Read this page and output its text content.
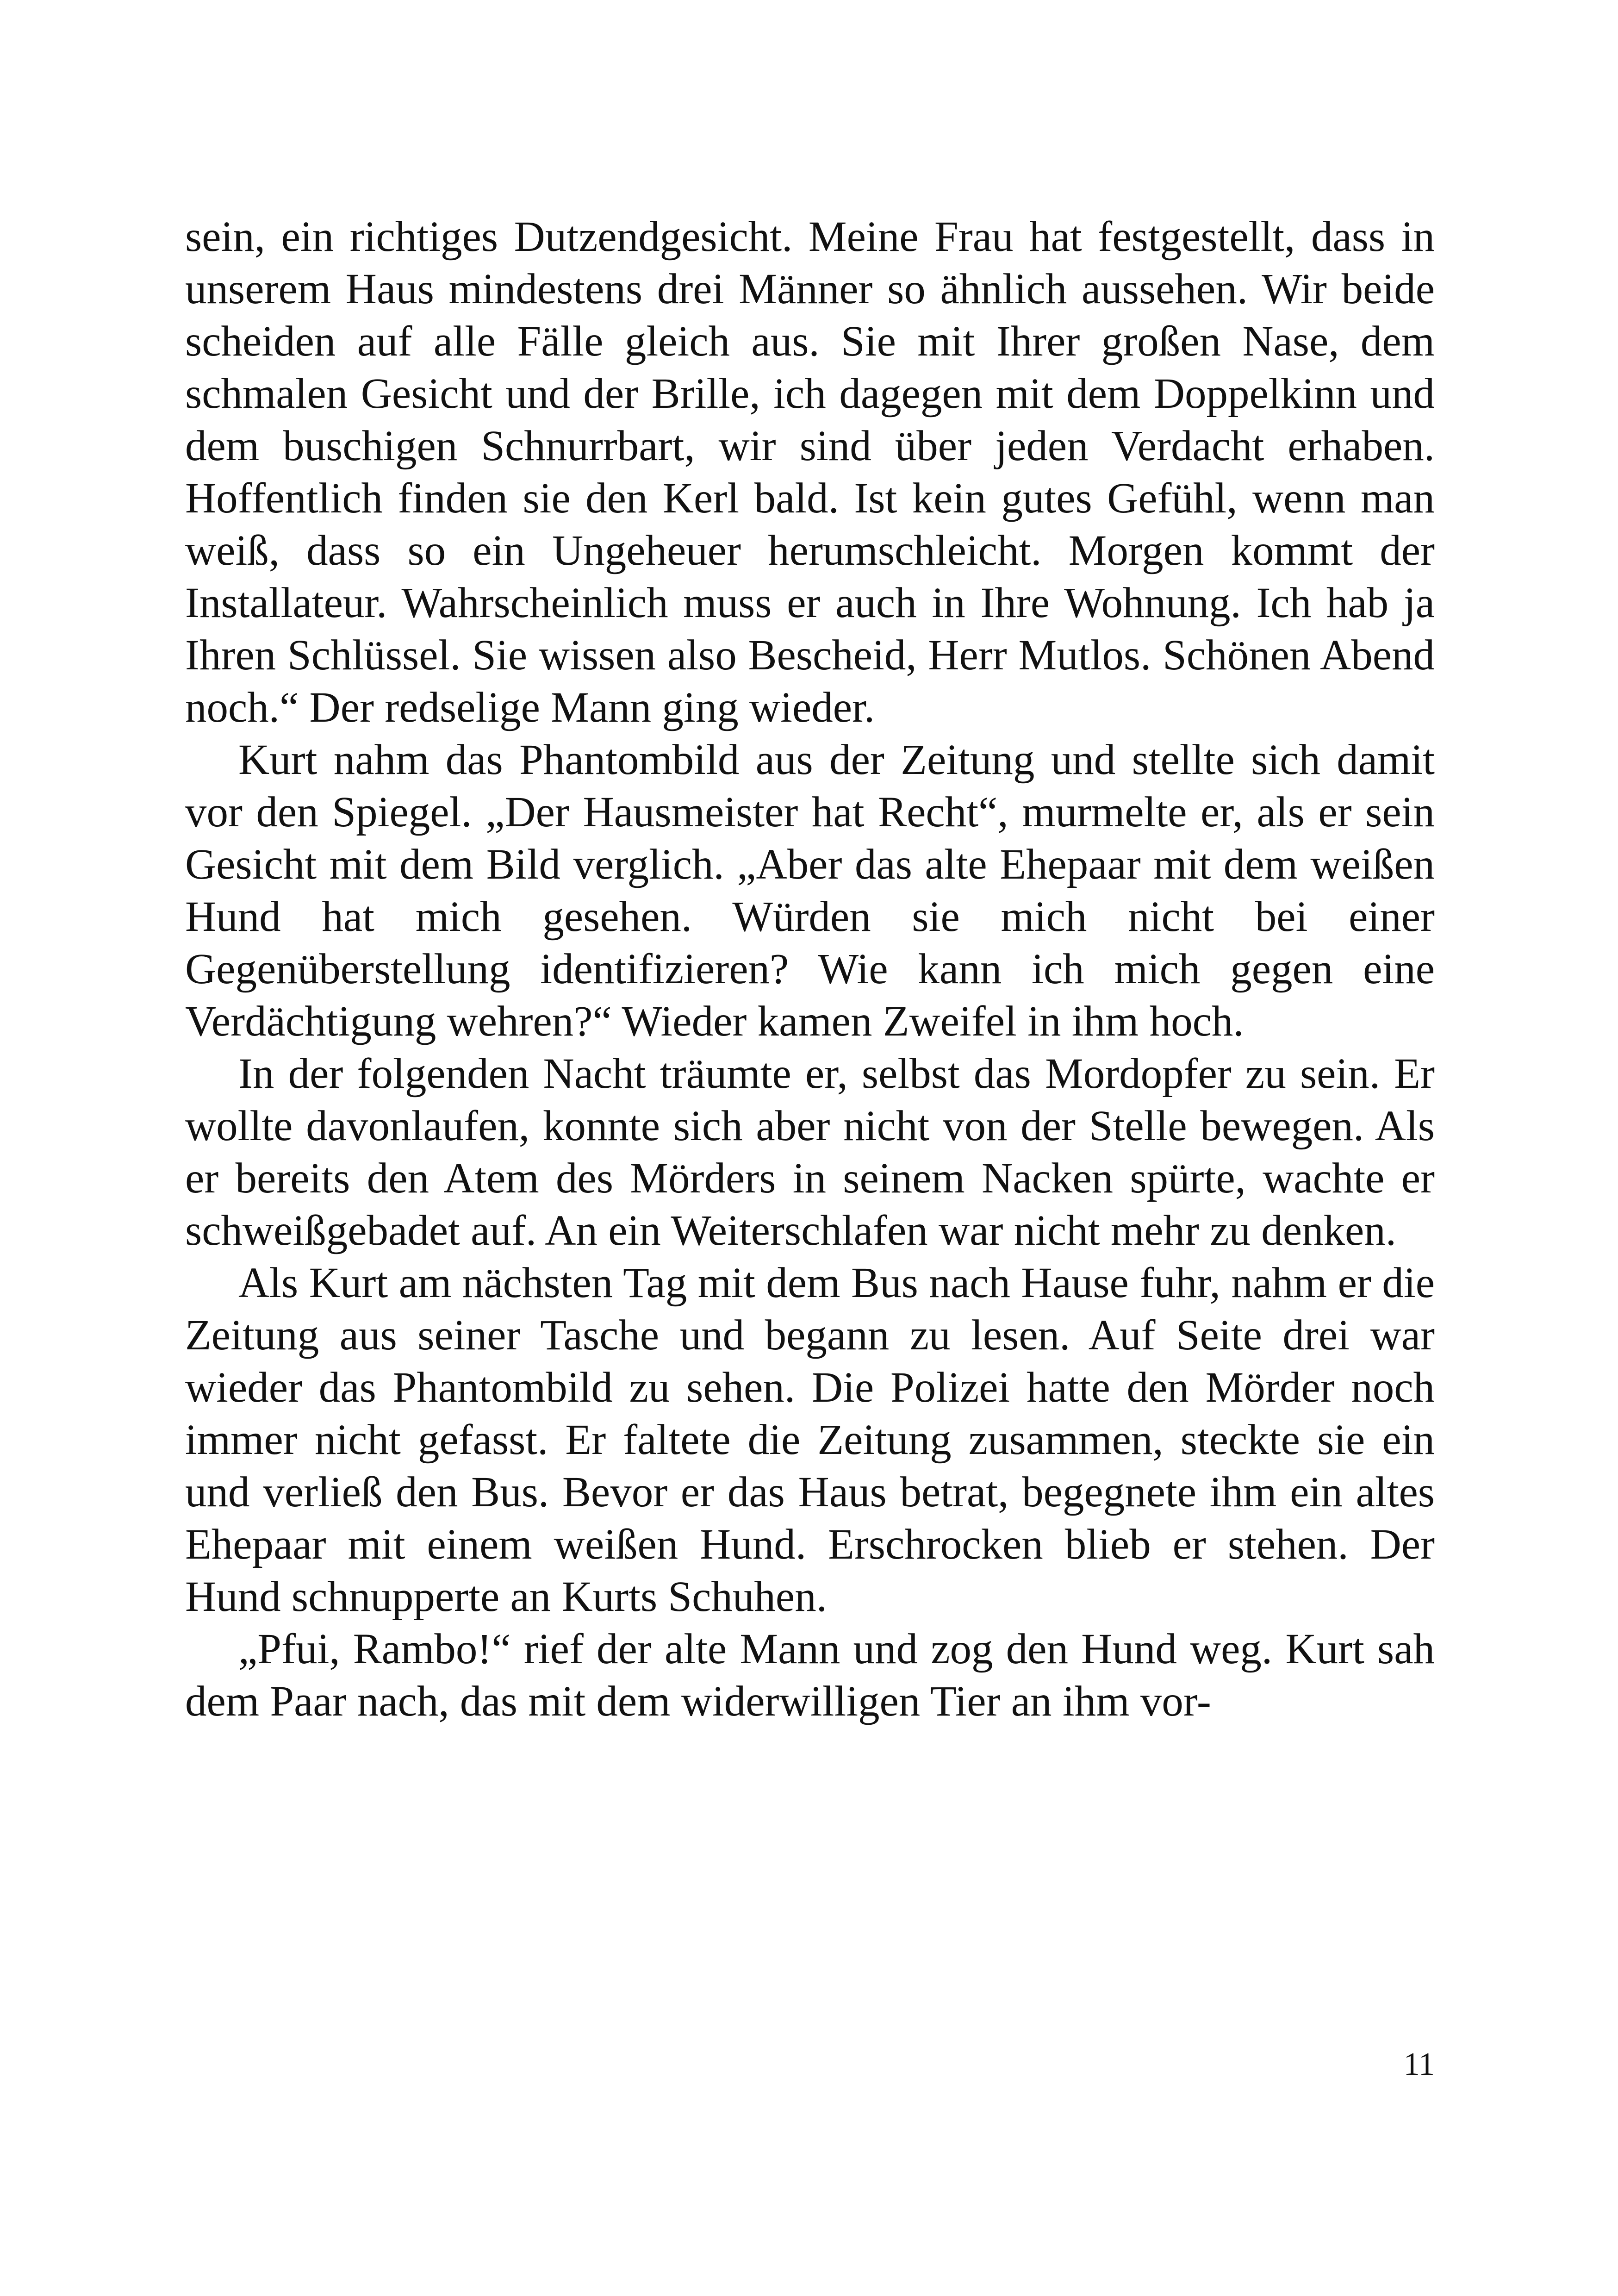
sein, ein richtiges Dutzendgesicht. Meine Frau hat festgestellt, dass in unserem Haus mindestens drei Männer so ähnlich aussehen. Wir beide scheiden auf alle Fälle gleich aus. Sie mit Ihrer großen Nase, dem schmalen Gesicht und der Brille, ich dagegen mit dem Doppelkinn und dem buschigen Schnurrbart, wir sind über jeden Verdacht erhaben. Hoffentlich finden sie den Kerl bald. Ist kein gutes Gefühl, wenn man weiß, dass so ein Ungeheuer herumschleicht. Morgen kommt der Installateur. Wahrscheinlich muss er auch in Ihre Wohnung. Ich hab ja Ihren Schlüssel. Sie wissen also Bescheid, Herr Mutlos. Schönen Abend noch.“ Der redselige Mann ging wieder.

Kurt nahm das Phantombild aus der Zeitung und stellte sich damit vor den Spiegel. „Der Hausmeister hat Recht“, murmelte er, als er sein Gesicht mit dem Bild verglich. „Aber das alte Ehepaar mit dem weißen Hund hat mich gesehen. Würden sie mich nicht bei einer Gegenüberstellung identifizieren? Wie kann ich mich gegen eine Verdächtigung wehren?“ Wieder kamen Zweifel in ihm hoch.

In der folgenden Nacht träumte er, selbst das Mordopfer zu sein. Er wollte davonlaufen, konnte sich aber nicht von der Stelle bewegen. Als er bereits den Atem des Mörders in seinem Nacken spürte, wachte er schweißgebadet auf. An ein Weiterschlafen war nicht mehr zu denken.

Als Kurt am nächsten Tag mit dem Bus nach Hause fuhr, nahm er die Zeitung aus seiner Tasche und begann zu lesen. Auf Seite drei war wieder das Phantombild zu sehen. Die Polizei hatte den Mörder noch immer nicht gefasst. Er faltete die Zeitung zusammen, steckte sie ein und verließ den Bus. Bevor er das Haus betrat, begegnete ihm ein altes Ehepaar mit einem weißen Hund. Erschrocken blieb er stehen. Der Hund schnupperte an Kurts Schuhen.

„Pfui, Rambo!“ rief der alte Mann und zog den Hund weg. Kurt sah dem Paar nach, das mit dem widerwilligen Tier an ihm vor-

11
